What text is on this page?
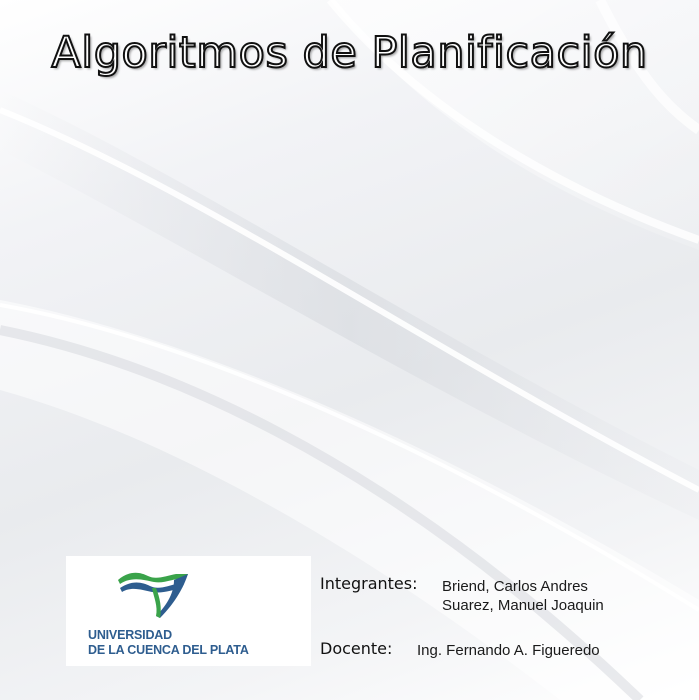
Algoritmos de Planificación
UNIVERSIDAD
DE LA CUENCA DEL PLATA
Integrantes: Briend, Carlos Andres
Suarez, Manuel Joaquin
Docente: Ing. Fernando A. Figueredo
